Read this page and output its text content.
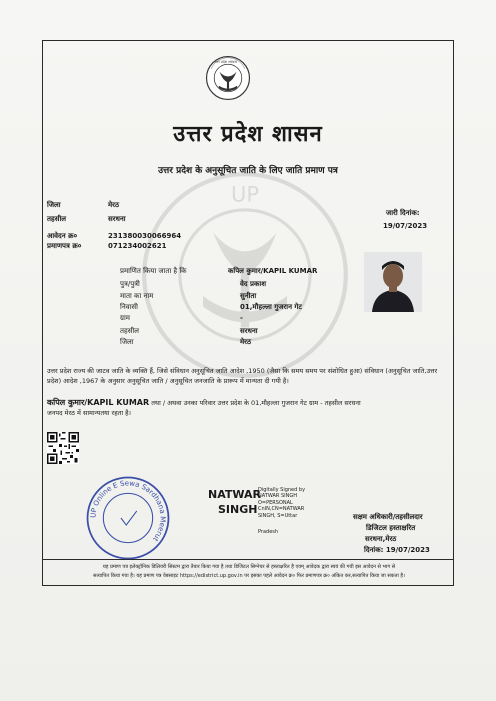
UP
उत्तर प्रदेश सरकार
उत्तर प्रदेश शासन
उत्तर प्रदेश के अनुसूचित जाति के लिए जाति प्रमाण पत्र
जिला	मेरठ
तहसील	सरधना
आवेदन क्र०	231380030066964
प्रमाणपत्र क्र०	071234002621
जारी दिनांक:
19/07/2023
प्रमाणित किया जाता है कि	कपिल कुमार/KAPIL KUMAR
पुत्र/पुत्री	वेद प्रकाश
माता का नाम	सुनीता
निवासी	01,मौहल्ला गुजरान गेट
ग्राम	-
तहसील	सरधना
जिला	मेरठ
उत्तर प्रदेश राज्य की जाटव जाति के व्यक्ति हैं, जिसे संविधान अनुसूचित जाति आदेश ,1950 (जैसा कि समय समय पर संशोधित हुआ) संविधान (अनुसूचित जाति,उत्तर प्रदेश) आदेश ,1967 के अनुसार अनुसूचित जाति / अनुसूचित जनजाति के प्रारूप में मान्यता दी गयी है।
कपिल कुमार/KAPIL KUMAR तथा / अथवा उनका परिवार उत्तर प्रदेश के 01,मौहल्ला गुजरान गेट ग्राम - तहसील सरधना
जनपद मेरठ में सामान्यतया रहता है।
UP Online E Sewa Sardhana Meerut
NATWAR
SINGH
Digitally Signed by
NATWAR SINGH
O=PERSONAL
CnIN,CN=NATWAR
SINGH, S=Uttar
Pradesh
सक्षम अधिकारी/तहसीलदार
डिजिटल हस्ताक्षरित
सरधना,मेरठ
दिनांक: 19/07/2023
यह प्रमाण पत्र इलेक्ट्रॉनिक डिलिवरी सिस्टम द्वारा तैयार किया गया है तथा डिजिटल सिग्नेचर से हस्ताक्षरित है एवम् आवेदक द्वारा स्वयं की गयी इस आवेदन से भाग से
सत्यापित किया गया है। यह प्रमाण पत्र वेबसाइट https://edistrict.up.gov.in पर इसका पहले आवेदन क्र० फिर प्रमाणपत्र क्र० अंकित कर,सत्यापित किया जा सकता है।
